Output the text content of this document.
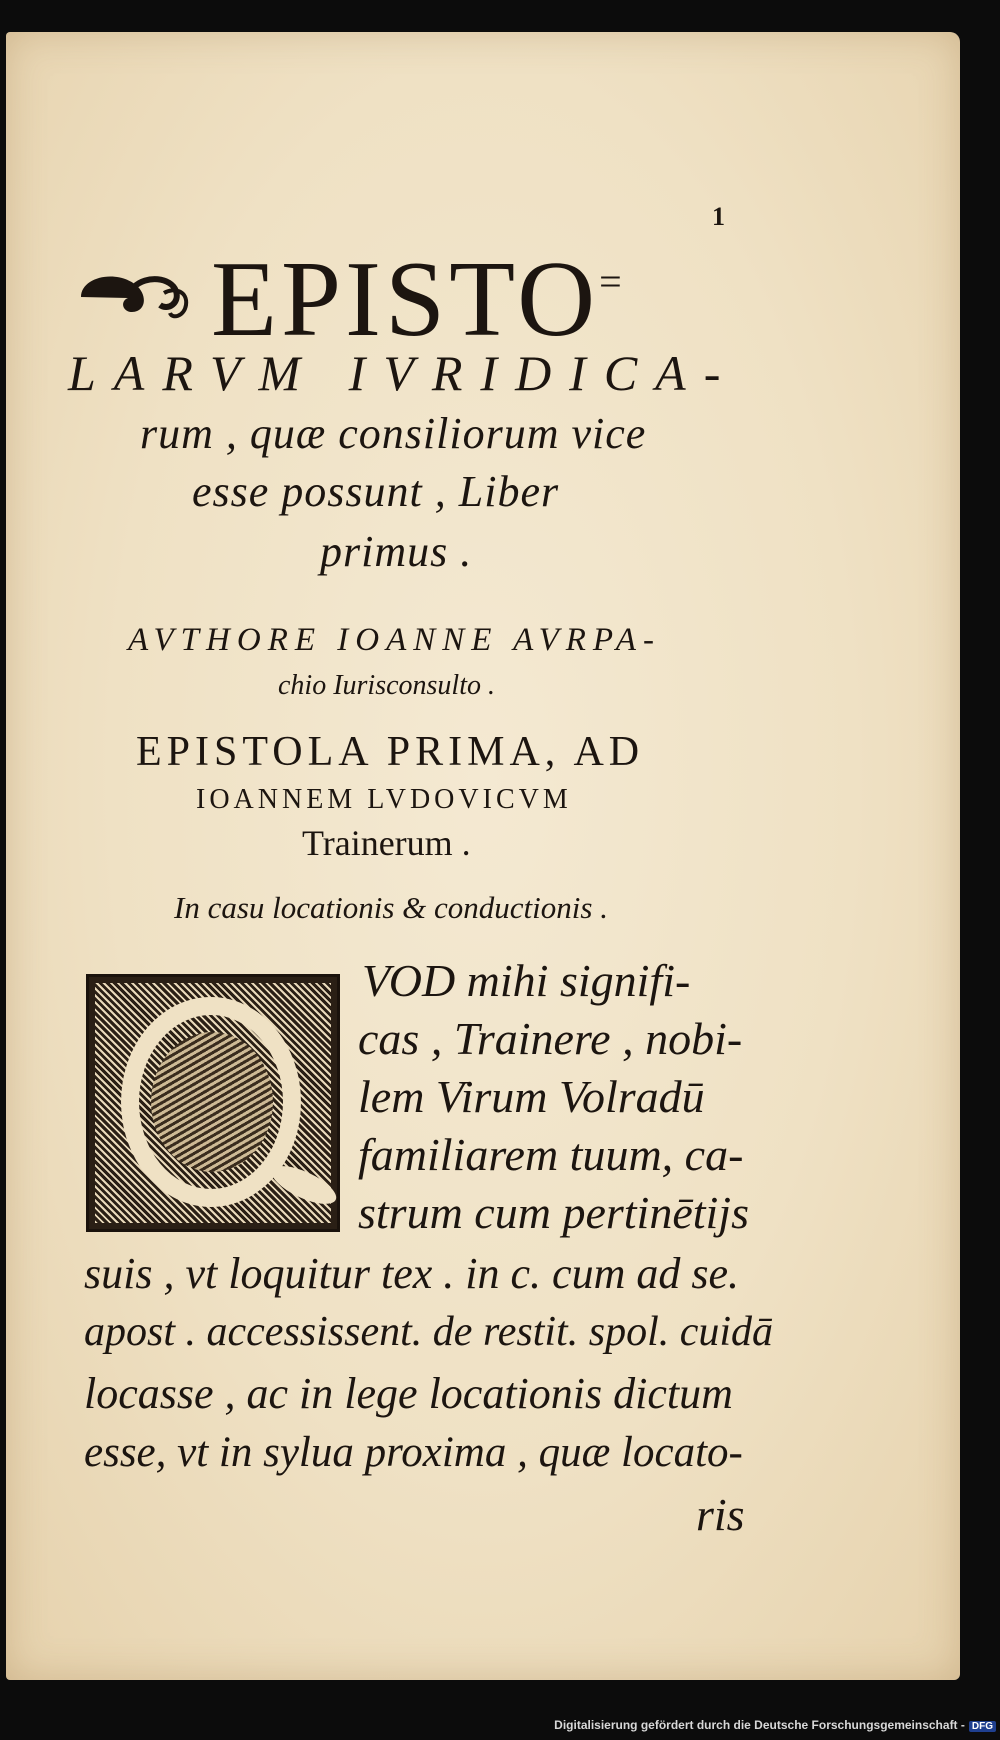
1
EPISTO=
LARVM IVRIDICA-
rum , quæ consiliorum vice
esse possunt , Liber
primus .
AVTHORE IOANNE AVRPA-
chio Iurisconsulto .
EPISTOLA PRIMA, AD
IOANNEM LVDOVICVM
Trainerum .
In casu locationis & conductionis .
VOD mihi signifi-
cas , Trainere , nobi-
lem Virum Volradū
familiarem tuum, ca-
strum cum pertinētijs
suis , vt loquitur tex . in c. cum ad se.
apost . accessissent. de restit. spol. cuidā
locasse , ac in lege locationis dictum
esse, vt in sylua proxima , quæ locato-
ris
Digitalisierung gefördert durch die Deutsche Forschungsgemeinschaft - DFG
